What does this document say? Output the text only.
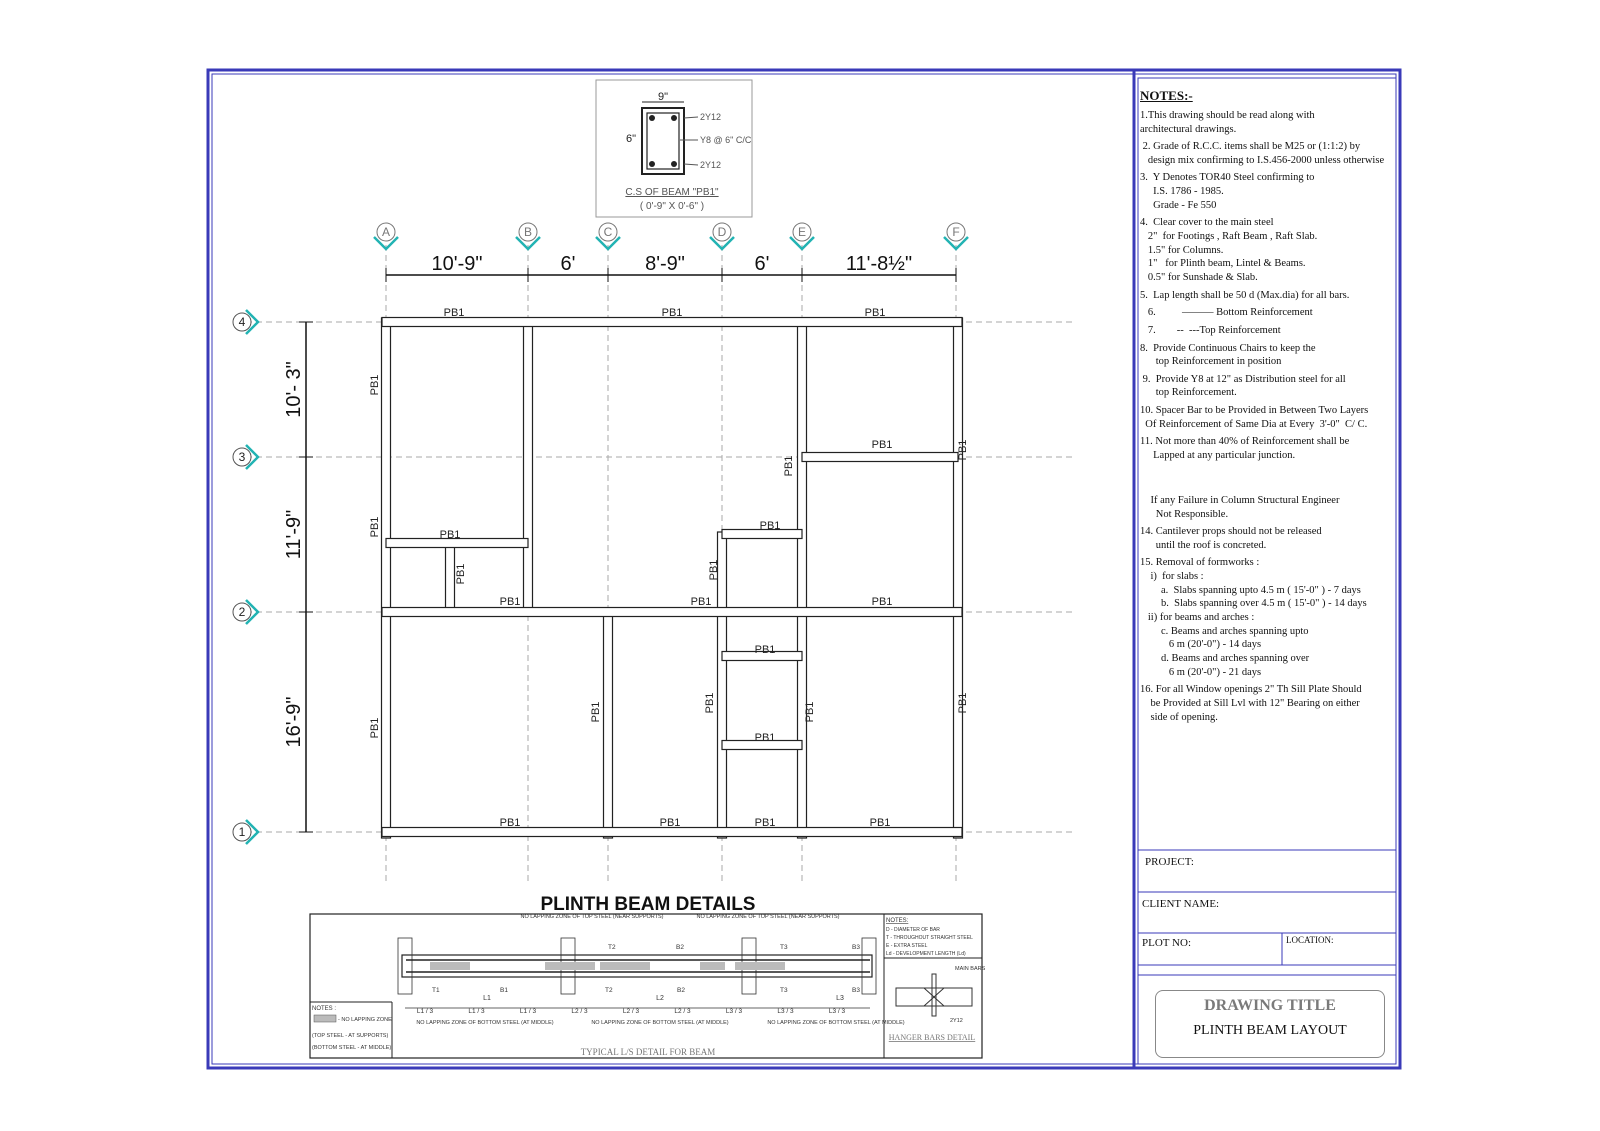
9"
6"
2Y12
Y8 @ 6" C/C
2Y12
C.S OF BEAM "PB1"
( 0'-9" X 0'-6" )
A	B	C	D	E	F
4
3
2
1
10'-9"	6'	8'-9"	6'	11'-8½"
10'- 3"
11'-9"
16'-9"
PB1	PB1	PB1
PB1
PB1	PB1	PB1
PB1
PB1
PB1	PB1	PB1	PB1
PB1
PB1
PB1
PB1
PB1
PB1
PB1
PB1
PB1
PB1
PB1	PB1	PB1
PLINTH BEAM DETAILS
NOTES :
- NO LAPPING ZONE
(TOP STEEL - AT SUPPORTS)
(BOTTOM STEEL - AT MIDDLE)
NOTES:
D - DIAMETER OF BAR
T - THROUGHOUT STRAIGHT STEEL
E - EXTRA STEEL
Ld - DEVELOPMENT LENGTH (Ld)
MAIN BARS
2Y12
HANGER BARS DETAIL
TYPICAL L/S DETAIL FOR BEAM
NO LAPPING ZONE OF TOP STEEL (NEAR SUPPORTS)	NO LAPPING ZONE OF TOP STEEL (NEAR SUPPORTS)
NO LAPPING ZONE OF BOTTOM STEEL (AT MIDDLE)	NO LAPPING ZONE OF BOTTOM STEEL (AT MIDDLE)	NO LAPPING ZONE OF BOTTOM STEEL (AT MIDDLE)
L1	L2	L3
L1 / 3	L1 / 3	L1 / 3	L2 / 3	L2 / 3	L2 / 3	L3 / 3	L3 / 3	L3 / 3
T2	B2	T3	B3
T1	B1	T2	B2	T3	B3
NOTES:-
1.This drawing should be read along with
architectural drawings.
2. Grade of R.C.C. items shall be M25 or (1:1:2) by
design mix confirming to I.S.456-2000 unless otherwise
3.  Y Denotes TOR40 Steel confirming to
I.S. 1786 - 1985.
Grade - Fe 550
4.  Clear cover to the main steel
2"  for Footings , Raft Beam , Raft Slab.
1.5" for Columns.
1"   for Plinth beam, Lintel & Beams.
0.5" for Sunshade & Slab.
5.  Lap length shall be 50 d (Max.dia) for all bars.
6.          ——— Bottom Reinforcement
7.        --  ---Top Reinforcement
8.  Provide Continuous Chairs to keep the
top Reinforcement in position
9.  Provide Y8 at 12" as Distribution steel for all
top Reinforcement.
10. Spacer Bar to be Provided in Between Two Layers
Of Reinforcement of Same Dia at Every  3'-0"  C/ C.
11. Not more than 40% of Reinforcement shall be
Lapped at any particular junction.

If any Failure in Column Structural Engineer
Not Responsible.
14. Cantilever props should not be released
until the roof is concreted.
15. Removal of formworks :
i)  for slabs :
a.  Slabs spanning upto 4.5 m ( 15'-0" ) - 7 days
b.  Slabs spanning over 4.5 m ( 15'-0" ) - 14 days
ii) for beams and arches :
c. Beams and arches spanning upto
6 m (20'-0") - 14 days
d. Beams and arches spanning over
6 m (20'-0") - 21 days
16. For all Window openings 2" Th Sill Plate Should
be Provided at Sill Lvl with 12" Bearing on either
side of opening.
PROJECT:
CLIENT NAME:
PLOT NO:	LOCATION:
DRAWING TITLE
PLINTH BEAM LAYOUT
